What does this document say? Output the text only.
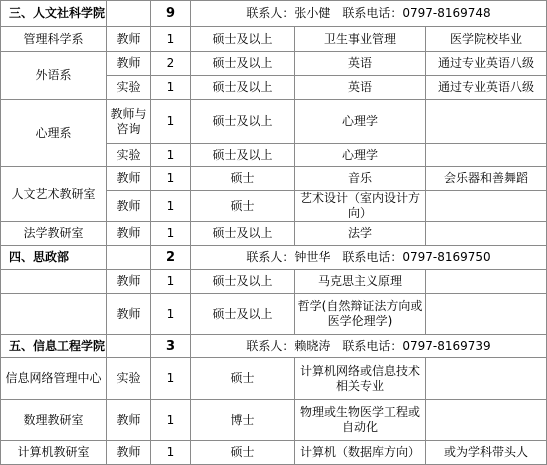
三、人文社科学院		9	联系人：张小健　联系电话：0797-8169748		
管理科学系	教师	1	硕士及以上	卫生事业管理	医学院校毕业
外语系	教师	2	硕士及以上	英语	通过专业英语八级
	实验	1	硕士及以上	英语	通过专业英语八级
心理系	教师与咨询	1	硕士及以上	心理学	
	实验	1	硕士及以上	心理学	
人文艺术教研室	教师	1	硕士	音乐	会乐器和善舞蹈
	教师	1	硕士	艺术设计（室内设计方向）	
法学教研室	教师	1	硕士及以上	法学	
四、思政部		2	联系人：钟世华　联系电话：0797-8169750		
	教师	1	硕士及以上	马克思主义原理	
	教师	1	硕士及以上	哲学(自然辩证法方向或医学伦理学)	
五、信息工程学院		3	联系人：赖晓涛　联系电话：0797-8169739		
信息网络管理中心	实验	1	硕士	计算机网络或信息技术相关专业	
数理教研室	教师	1	博士	物理或生物医学工程或自动化	
计算机教研室	教师	1	硕士	计算机（数据库方向）	或为学科带头人
